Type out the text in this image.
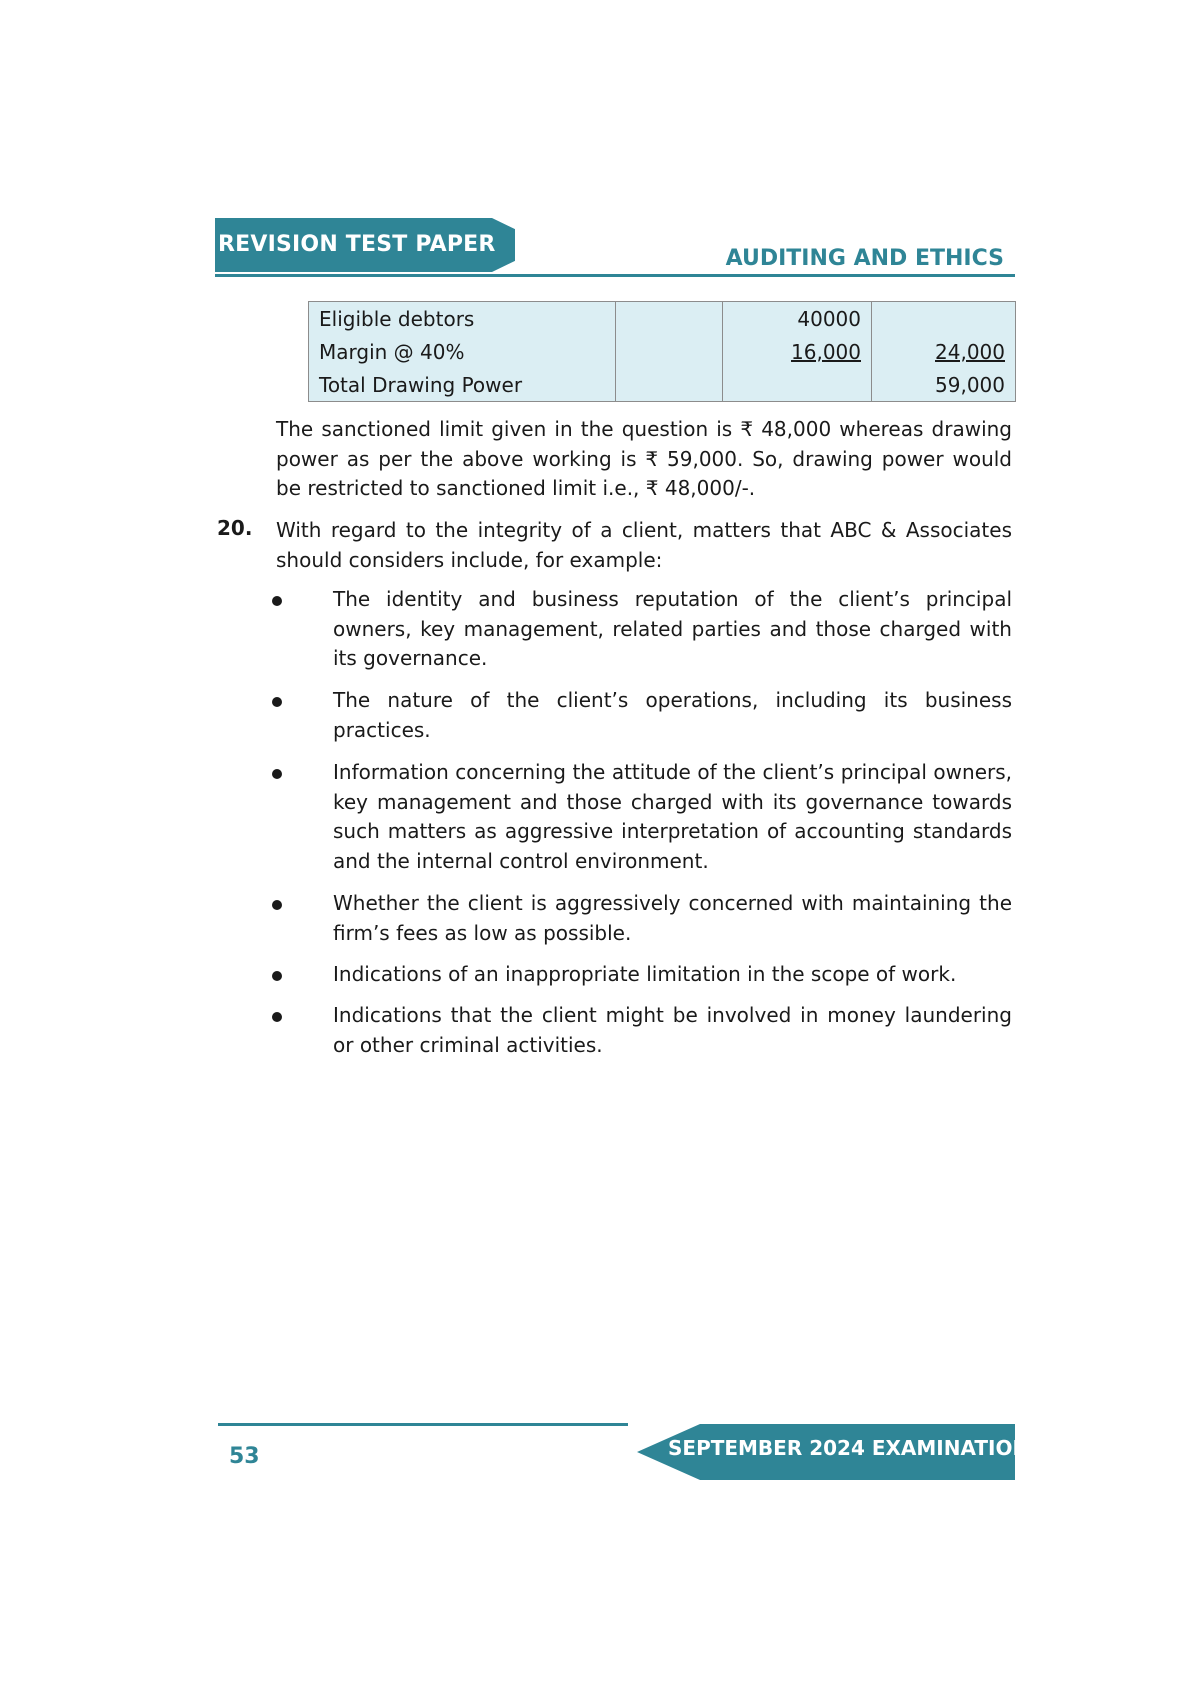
REVISION TEST PAPER
AUDITING AND ETHICS
Eligible debtors		40000	
Margin @ 40%		16,000	24,000
Total Drawing Power			59,000

The sanctioned limit given in the question is ₹ 48,000 whereas drawing power as per the above working is ₹ 59,000. So, drawing power would be restricted to sanctioned limit i.e., ₹ 48,000/-.

20. With regard to the integrity of a client, matters that ABC & Associates should considers include, for example:

The identity and business reputation of the client’s principal owners, key management, related parties and those charged with its governance.

The nature of the client’s operations, including its business practices.

Information concerning the attitude of the client’s principal owners, key management and those charged with its governance towards such matters as aggressive interpretation of accounting standards and the internal control environment.

Whether the client is aggressively concerned with maintaining the firm’s fees as low as possible.

Indications of an inappropriate limitation in the scope of work.

Indications that the client might be involved in money laundering or other criminal activities.

SEPTEMBER 2024 EXAMINATION
53
